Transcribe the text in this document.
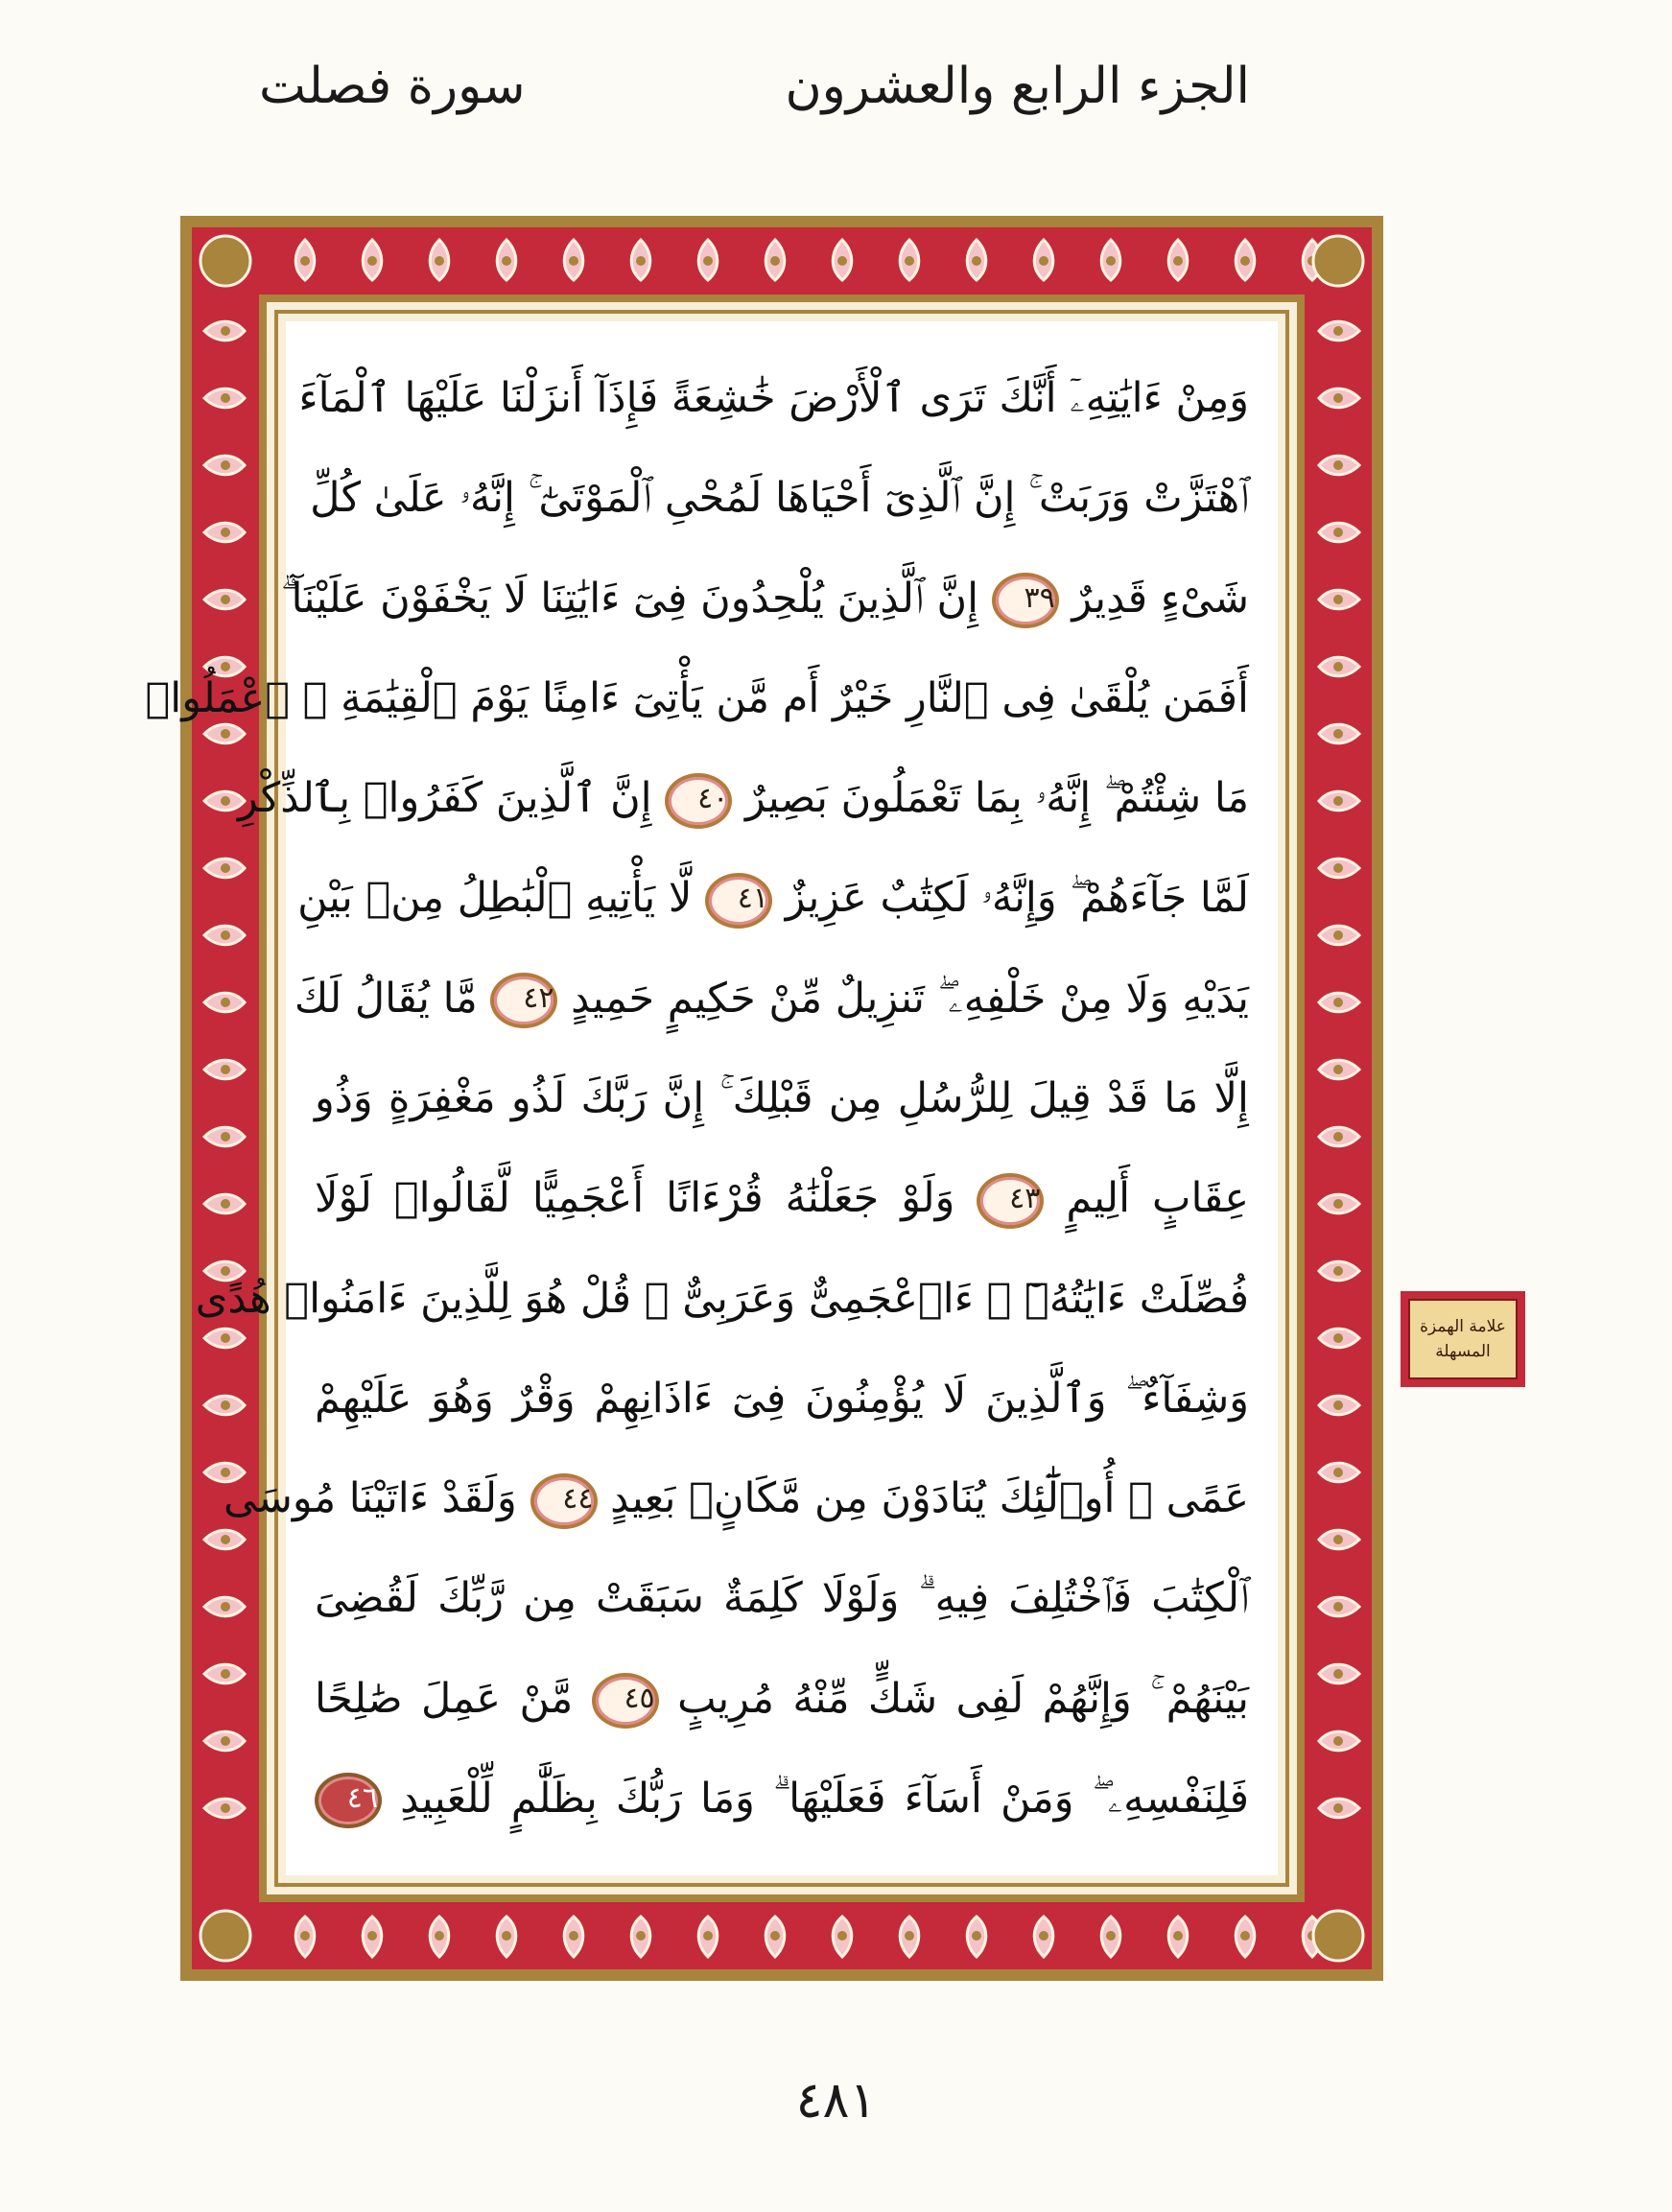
الجزء الرابع والعشرون
سورة فصلت
وَمِنْ ءَايَٰتِهِۦٓ أَنَّكَ تَرَى ٱلْأَرْضَ خَٰشِعَةً فَإِذَآ أَنزَلْنَا عَلَيْهَا ٱلْمَآءَ
ٱهْتَزَّتْ وَرَبَتْ ۚ إِنَّ ٱلَّذِىٓ أَحْيَاهَا لَمُحْىِ ٱلْمَوْتَىٰٓ ۚ إِنَّهُۥ عَلَىٰ كُلِّ
شَىْءٍ قَدِيرٌ ٣٩ إِنَّ ٱلَّذِينَ يُلْحِدُونَ فِىٓ ءَايَٰتِنَا لَا يَخْفَوْنَ عَلَيْنَآ ۗ
أَفَمَن يُلْقَىٰ فِى ٱلنَّارِ خَيْرٌ أَم مَّن يَأْتِىٓ ءَامِنًا يَوْمَ ٱلْقِيَٰمَةِ ۚ ٱعْمَلُوا۟
مَا شِئْتُمْ ۖ إِنَّهُۥ بِمَا تَعْمَلُونَ بَصِيرٌ ٤٠ إِنَّ ٱلَّذِينَ كَفَرُوا۟ بِٱلذِّكْرِ
لَمَّا جَآءَهُمْ ۖ وَإِنَّهُۥ لَكِتَٰبٌ عَزِيزٌ ٤١ لَّا يَأْتِيهِ ٱلْبَٰطِلُ مِنۢ بَيْنِ
يَدَيْهِ وَلَا مِنْ خَلْفِهِۦ ۖ تَنزِيلٌ مِّنْ حَكِيمٍ حَمِيدٍ ٤٢ مَّا يُقَالُ لَكَ
إِلَّا مَا قَدْ قِيلَ لِلرُّسُلِ مِن قَبْلِكَ ۚ إِنَّ رَبَّكَ لَذُو مَغْفِرَةٍ وَذُو
عِقَابٍ أَلِيمٍ ٤٣ وَلَوْ جَعَلْنَٰهُ قُرْءَانًا أَعْجَمِيًّا لَّقَالُوا۟ لَوْلَا
فُصِّلَتْ ءَايَٰتُهُۥٓ ۖ ءَا۬عْجَمِىٌّ وَعَرَبِىٌّ ۗ قُلْ هُوَ لِلَّذِينَ ءَامَنُوا۟ هُدًى
وَشِفَآءٌ ۖ وَٱلَّذِينَ لَا يُؤْمِنُونَ فِىٓ ءَاذَانِهِمْ وَقْرٌ وَهُوَ عَلَيْهِمْ
عَمًى ۚ أُو۟لَٰٓئِكَ يُنَادَوْنَ مِن مَّكَانٍۭ بَعِيدٍ ٤٤ وَلَقَدْ ءَاتَيْنَا مُوسَى
ٱلْكِتَٰبَ فَٱخْتُلِفَ فِيهِ ۗ وَلَوْلَا كَلِمَةٌ سَبَقَتْ مِن رَّبِّكَ لَقُضِىَ
بَيْنَهُمْ ۚ وَإِنَّهُمْ لَفِى شَكٍّ مِّنْهُ مُرِيبٍ ٤٥ مَّنْ عَمِلَ صَٰلِحًا
فَلِنَفْسِهِۦ ۖ وَمَنْ أَسَآءَ فَعَلَيْهَا ۗ وَمَا رَبُّكَ بِظَلَّٰمٍ لِّلْعَبِيدِ ٤٦
علامة الهمزة
المسهلة
٤٨١
